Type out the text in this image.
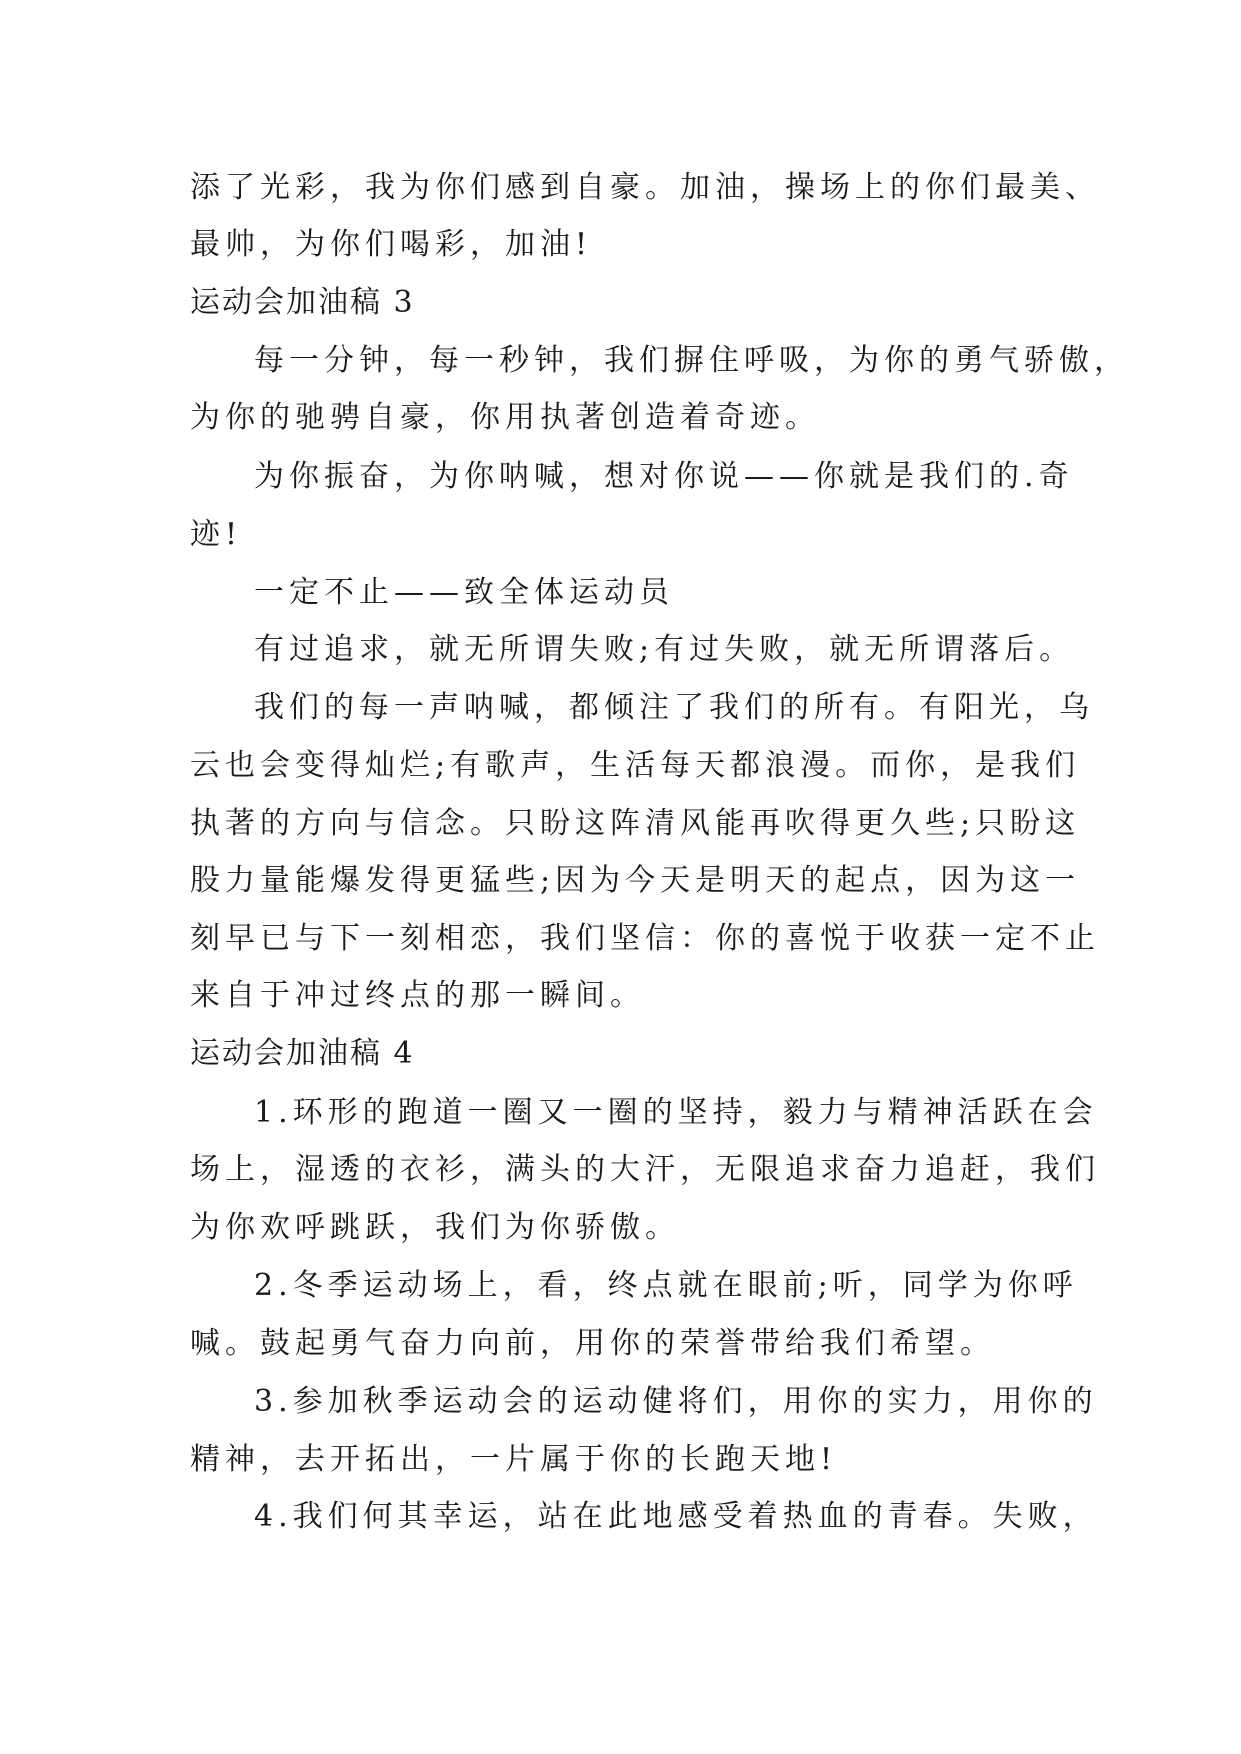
添了光彩，我为你们感到自豪。加油，操场上的你们最美、
最帅，为你们喝彩，加油!
运动会加油稿 3
每一分钟，每一秒钟，我们摒住呼吸，为你的勇气骄傲，
为你的驰骋自豪，你用执著创造着奇迹。
为你振奋，为你呐喊，想对你说——你就是我们的.奇
迹!
一定不止——致全体运动员
有过追求，就无所谓失败;有过失败，就无所谓落后。
我们的每一声呐喊，都倾注了我们的所有。有阳光，乌
云也会变得灿烂;有歌声，生活每天都浪漫。而你，是我们
执著的方向与信念。只盼这阵清风能再吹得更久些;只盼这
股力量能爆发得更猛些;因为今天是明天的起点，因为这一
刻早已与下一刻相恋，我们坚信：你的喜悦于收获一定不止
来自于冲过终点的那一瞬间。
运动会加油稿 4
1.环形的跑道一圈又一圈的坚持，毅力与精神活跃在会
场上，湿透的衣衫，满头的大汗，无限追求奋力追赶，我们
为你欢呼跳跃，我们为你骄傲。
2.冬季运动场上，看，终点就在眼前;听，同学为你呼
喊。鼓起勇气奋力向前，用你的荣誉带给我们希望。
3.参加秋季运动会的运动健将们，用你的实力，用你的
精神，去开拓出，一片属于你的长跑天地!
4.我们何其幸运，站在此地感受着热血的青春。失败，
